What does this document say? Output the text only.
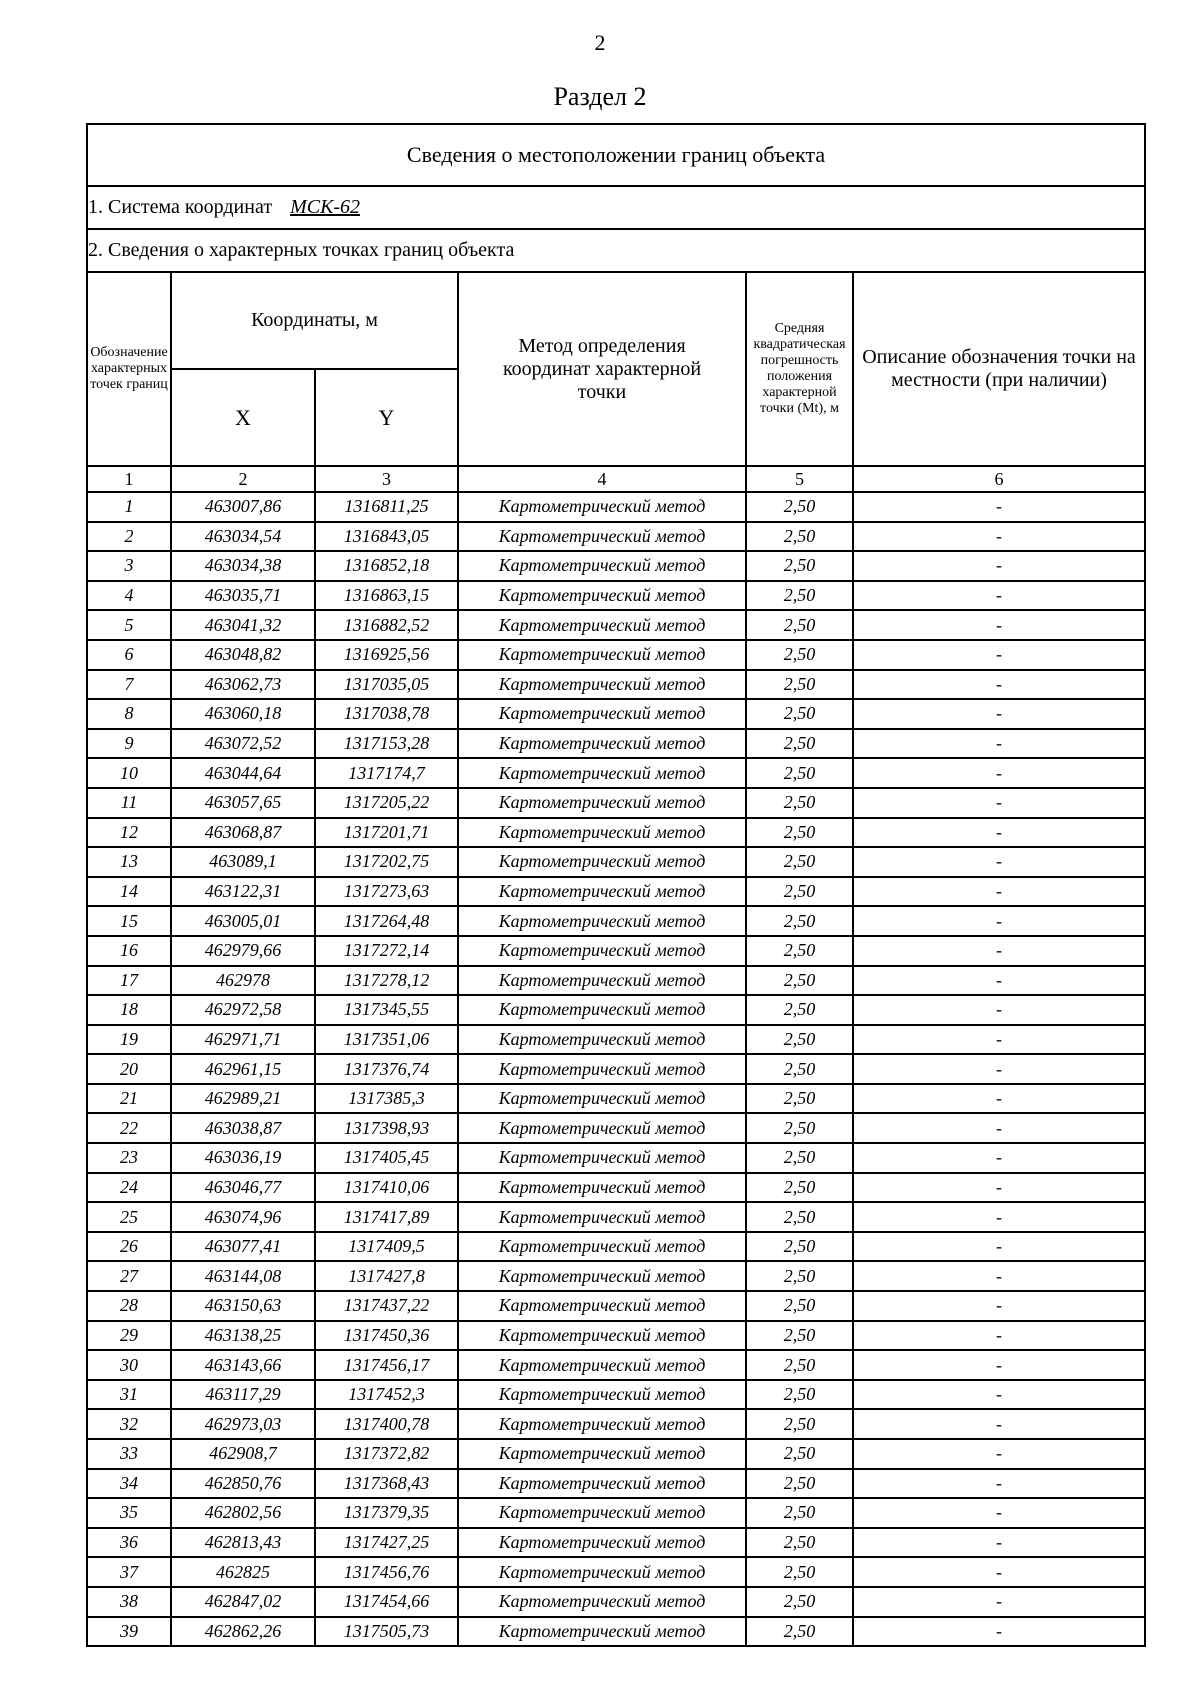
2
Раздел 2
Сведения о местоположении границ объекта					
1. Система координат МСК-62					
2. Сведения о характерных точках границ объекта					
Обозначение характерных точек границ	Координаты, м		Метод определения координат характерной точки	Средняя квадратическая погрешность положения характерной точки (Mt), м	Описание обозначения точки на местности (при наличии)
	X	Y			
1	2	3	4	5	6
1	463007,86	1316811,25	Картометрический метод	2,50	-
2	463034,54	1316843,05	Картометрический метод	2,50	-
3	463034,38	1316852,18	Картометрический метод	2,50	-
4	463035,71	1316863,15	Картометрический метод	2,50	-
5	463041,32	1316882,52	Картометрический метод	2,50	-
6	463048,82	1316925,56	Картометрический метод	2,50	-
7	463062,73	1317035,05	Картометрический метод	2,50	-
8	463060,18	1317038,78	Картометрический метод	2,50	-
9	463072,52	1317153,28	Картометрический метод	2,50	-
10	463044,64	1317174,7	Картометрический метод	2,50	-
11	463057,65	1317205,22	Картометрический метод	2,50	-
12	463068,87	1317201,71	Картометрический метод	2,50	-
13	463089,1	1317202,75	Картометрический метод	2,50	-
14	463122,31	1317273,63	Картометрический метод	2,50	-
15	463005,01	1317264,48	Картометрический метод	2,50	-
16	462979,66	1317272,14	Картометрический метод	2,50	-
17	462978	1317278,12	Картометрический метод	2,50	-
18	462972,58	1317345,55	Картометрический метод	2,50	-
19	462971,71	1317351,06	Картометрический метод	2,50	-
20	462961,15	1317376,74	Картометрический метод	2,50	-
21	462989,21	1317385,3	Картометрический метод	2,50	-
22	463038,87	1317398,93	Картометрический метод	2,50	-
23	463036,19	1317405,45	Картометрический метод	2,50	-
24	463046,77	1317410,06	Картометрический метод	2,50	-
25	463074,96	1317417,89	Картометрический метод	2,50	-
26	463077,41	1317409,5	Картометрический метод	2,50	-
27	463144,08	1317427,8	Картометрический метод	2,50	-
28	463150,63	1317437,22	Картометрический метод	2,50	-
29	463138,25	1317450,36	Картометрический метод	2,50	-
30	463143,66	1317456,17	Картометрический метод	2,50	-
31	463117,29	1317452,3	Картометрический метод	2,50	-
32	462973,03	1317400,78	Картометрический метод	2,50	-
33	462908,7	1317372,82	Картометрический метод	2,50	-
34	462850,76	1317368,43	Картометрический метод	2,50	-
35	462802,56	1317379,35	Картометрический метод	2,50	-
36	462813,43	1317427,25	Картометрический метод	2,50	-
37	462825	1317456,76	Картометрический метод	2,50	-
38	462847,02	1317454,66	Картометрический метод	2,50	-
39	462862,26	1317505,73	Картометрический метод	2,50	-
